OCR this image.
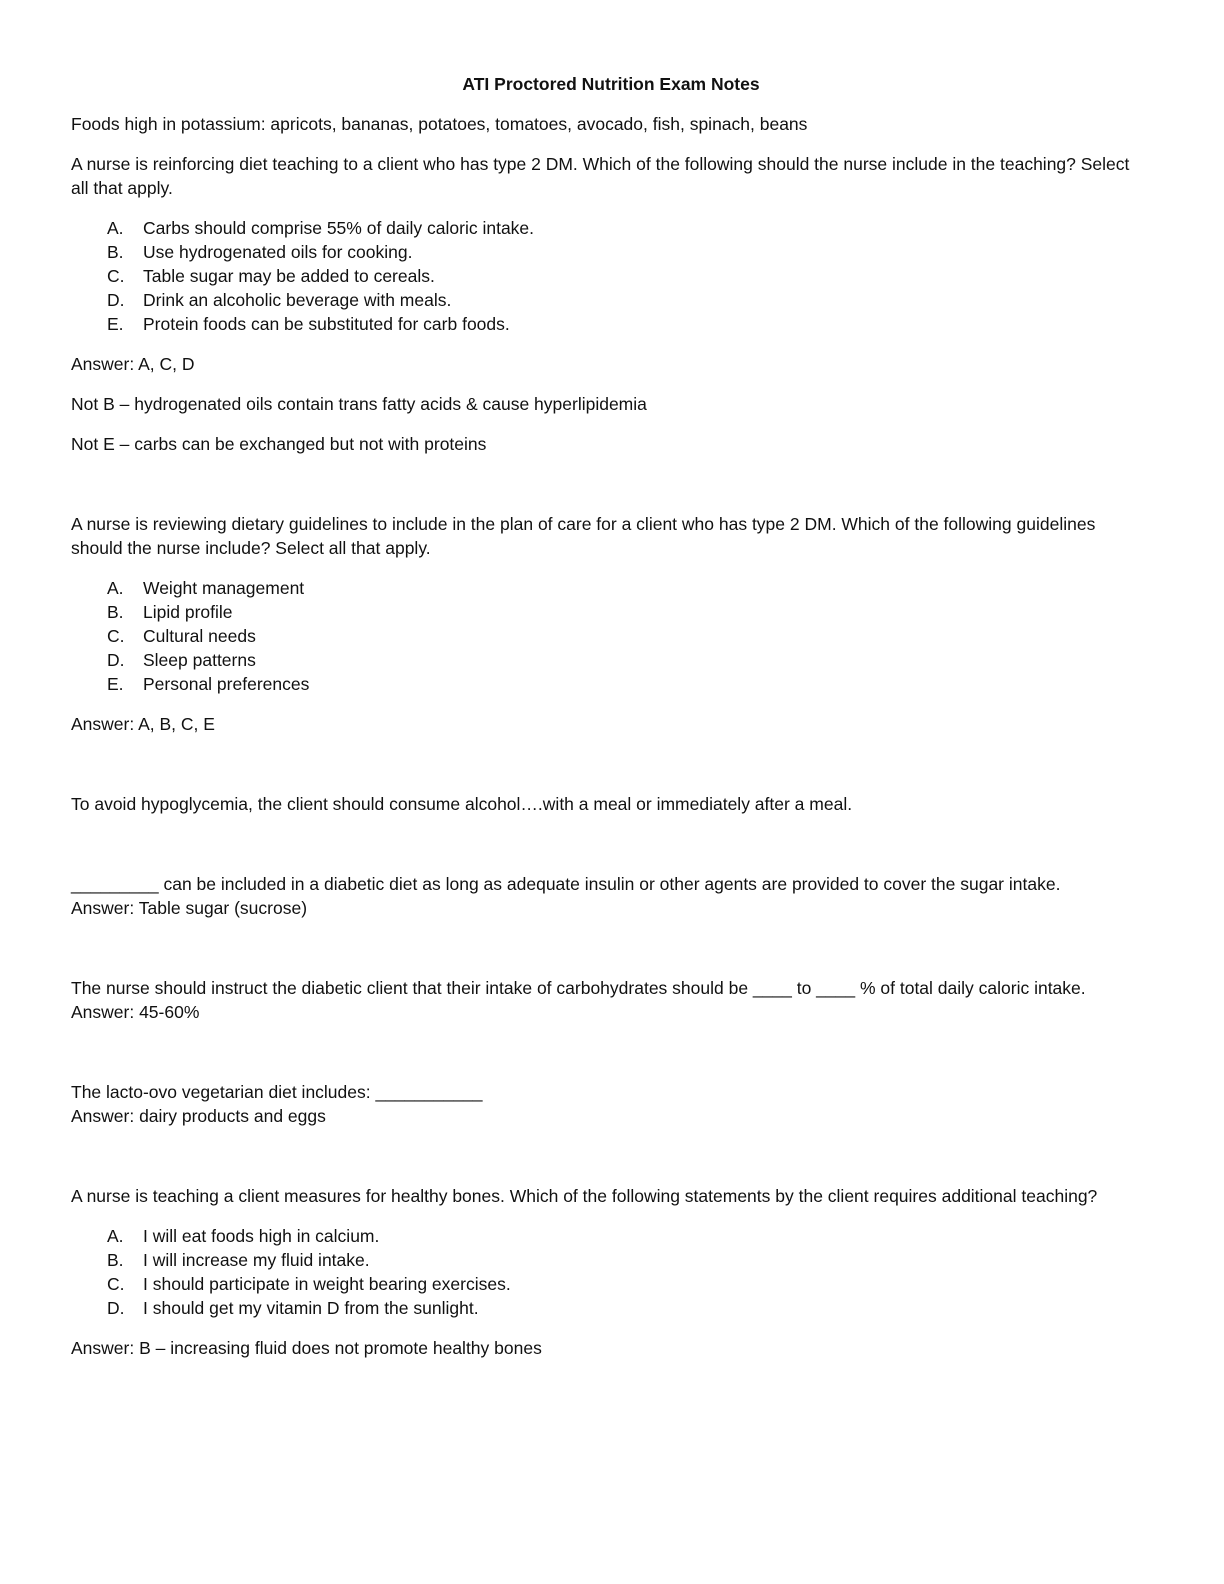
ATI Proctored Nutrition Exam Notes

Foods high in potassium: apricots, bananas, potatoes, tomatoes, avocado, fish, spinach, beans

A nurse is reinforcing diet teaching to a client who has type 2 DM. Which of the following should the nurse include in the teaching? Select all that apply.

A. Carbs should comprise 55% of daily caloric intake.
B. Use hydrogenated oils for cooking.
C. Table sugar may be added to cereals.
D. Drink an alcoholic beverage with meals.
E. Protein foods can be substituted for carb foods.

Answer: A, C, D

Not B – hydrogenated oils contain trans fatty acids & cause hyperlipidemia

Not E – carbs can be exchanged but not with proteins

A nurse is reviewing dietary guidelines to include in the plan of care for a client who has type 2 DM. Which of the following guidelines should the nurse include? Select all that apply.

A. Weight management
B. Lipid profile
C. Cultural needs
D. Sleep patterns
E. Personal preferences

Answer: A, B, C, E

To avoid hypoglycemia, the client should consume alcohol….with a meal or immediately after a meal.

_________ can be included in a diabetic diet as long as adequate insulin or other agents are provided to cover the sugar intake.
Answer: Table sugar (sucrose)

The nurse should instruct the diabetic client that their intake of carbohydrates should be ____ to ____ % of total daily caloric intake.
Answer: 45-60%

The lacto-ovo vegetarian diet includes: ___________
Answer: dairy products and eggs

A nurse is teaching a client measures for healthy bones. Which of the following statements by the client requires additional teaching?

A. I will eat foods high in calcium.
B. I will increase my fluid intake.
C. I should participate in weight bearing exercises.
D. I should get my vitamin D from the sunlight.

Answer: B – increasing fluid does not promote healthy bones
